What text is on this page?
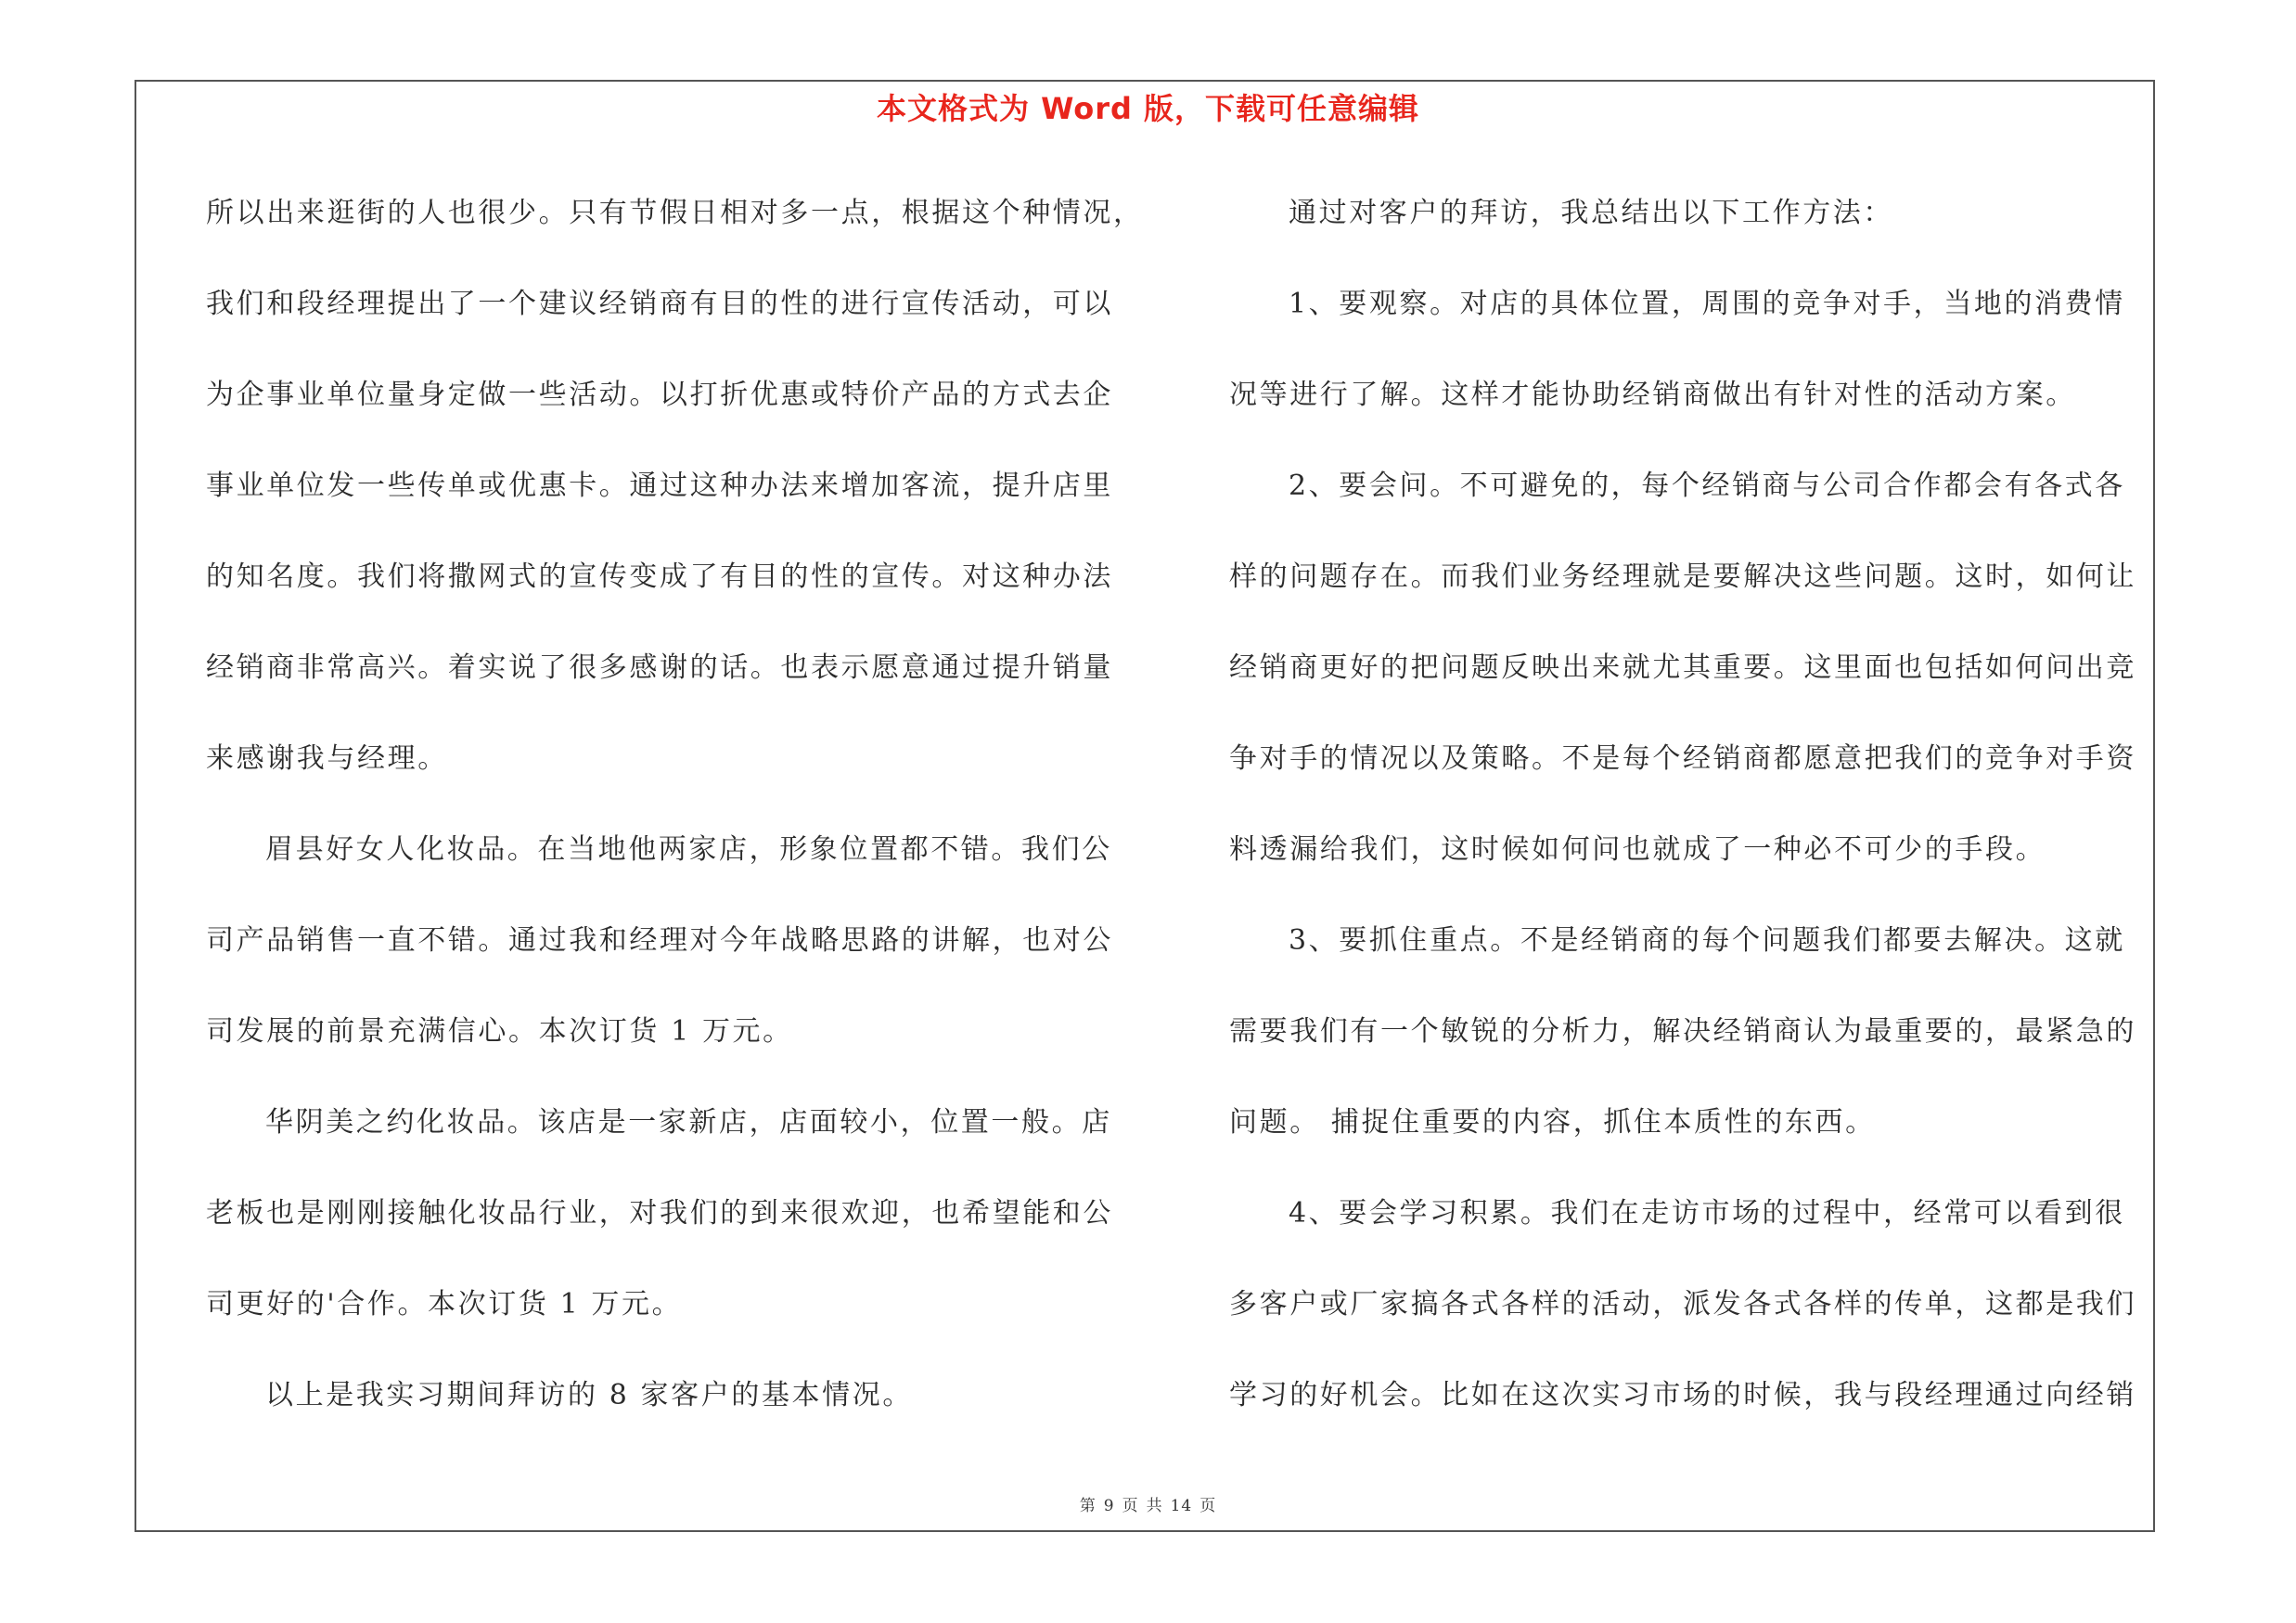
本文格式为 Word 版，下载可任意编辑
所以出来逛街的人也很少。只有节假日相对多一点，根据这个种情况，
我们和段经理提出了一个建议经销商有目的性的进行宣传活动，可以
为企事业单位量身定做一些活动。以打折优惠或特价产品的方式去企
事业单位发一些传单或优惠卡。通过这种办法来增加客流，提升店里
的知名度。我们将撒网式的宣传变成了有目的性的宣传。对这种办法
经销商非常高兴。着实说了很多感谢的话。也表示愿意通过提升销量
来感谢我与经理。
眉县好女人化妆品。在当地他两家店，形象位置都不错。我们公
司产品销售一直不错。通过我和经理对今年战略思路的讲解，也对公
司发展的前景充满信心。本次订货 1 万元。
华阴美之约化妆品。该店是一家新店，店面较小，位置一般。店
老板也是刚刚接触化妆品行业，对我们的到来很欢迎，也希望能和公
司更好的'合作。本次订货 1 万元。
以上是我实习期间拜访的 8 家客户的基本情况。
通过对客户的拜访，我总结出以下工作方法：
1、要观察。对店的具体位置，周围的竞争对手，当地的消费情
况等进行了解。这样才能协助经销商做出有针对性的活动方案。
2、要会问。不可避免的，每个经销商与公司合作都会有各式各
样的问题存在。而我们业务经理就是要解决这些问题。这时，如何让
经销商更好的把问题反映出来就尤其重要。这里面也包括如何问出竞
争对手的情况以及策略。不是每个经销商都愿意把我们的竞争对手资
料透漏给我们，这时候如何问也就成了一种必不可少的手段。
3、要抓住重点。不是经销商的每个问题我们都要去解决。这就
需要我们有一个敏锐的分析力，解决经销商认为最重要的，最紧急的
问题。 捕捉住重要的内容，抓住本质性的东西。
4、要会学习积累。我们在走访市场的过程中，经常可以看到很
多客户或厂家搞各式各样的活动，派发各式各样的传单，这都是我们
学习的好机会。比如在这次实习市场的时候，我与段经理通过向经销
第 9 页 共 14 页
